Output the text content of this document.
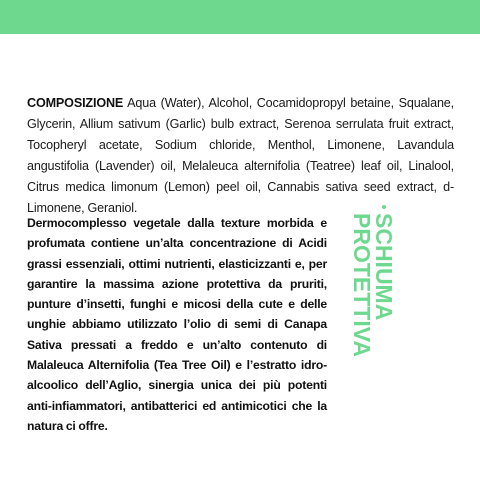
COMPOSIZIONE Aqua (Water), Alcohol, Cocamidopropyl betaine, Squalane, Glycerin, Allium sativum (Garlic) bulb extract, Serenoa serrulata fruit extract, Tocopheryl acetate, Sodium chloride, Menthol, Limonene, Lavandula angustifolia (Lavender) oil, Melaleuca alternifolia (Teatree) leaf oil, Linalool, Citrus medica limonum (Lemon) peel oil, Cannabis sativa seed extract, d-Limonene, Geraniol.
Dermocomplesso vegetale dalla texture morbida e profumata contiene un’alta concentrazione di Acidi grassi essenziali, ottimi nutrienti, elasticizzanti e, per garantire la massima azione protettiva da pruriti, punture d’insetti, funghi e micosi della cute e delle unghie abbiamo utilizzato l’olio di semi di Canapa Sativa pressati a freddo e un’alto contenuto di Malaleuca Alternifolia (Tea Tree Oil) e l’estratto idro-alcoolico dell’Aglio, sinergia unica dei più potenti anti-infiammatori, antibatterici ed antimicotici che la natura ci offre.
SCHIUMA
PROTETTIVA
